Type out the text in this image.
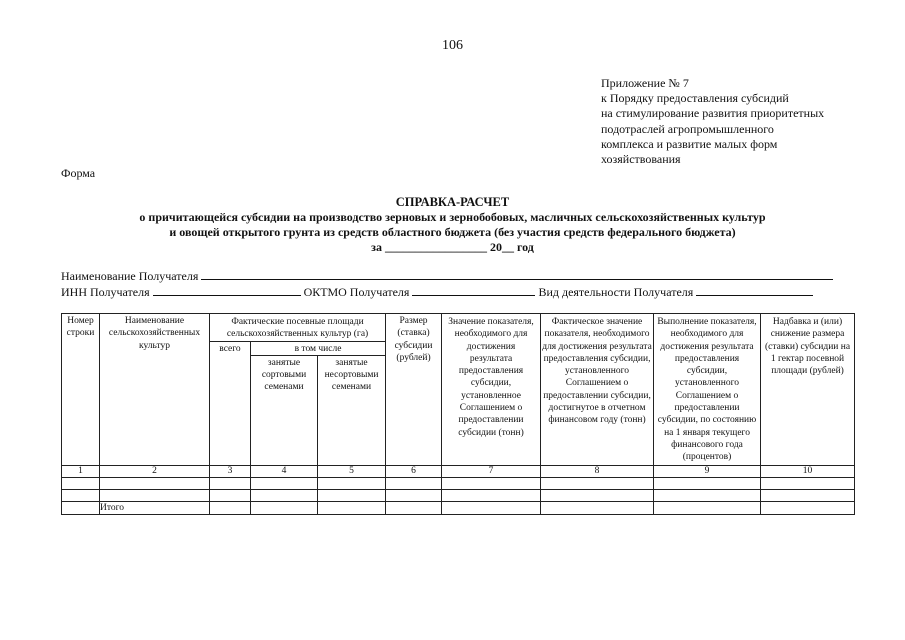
106
Приложение № 7
к Порядку предоставления субсидий
на стимулирование развития приоритетных
подотраслей агропромышленного
комплекса и развитие малых форм
хозяйствования
Форма
СПРАВКА-РАСЧЕТ
о причитающейся субсидии на производство зерновых и зернобобовых, масличных сельскохозяйственных культур
и овощей открытого грунта из средств областного бюджета (без участия средств федерального бюджета)
за _________________ 20__ год
Наименование Получателя
ИНН Получателя	ОКТМО Получателя	Вид деятельности Получателя
Номер строки	Наименование сельскохозяйственных культур	Фактические посевные площади сельскохозяйственных культур (га)			Размер (ставка) субсидии (рублей)	Значение показателя, необходимого для достижения результата предоставления субсидии, установленное Соглашением о предоставлении субсидии (тонн)	Фактическое значение показателя, необходимого для достижения результата предоставления субсидии, установленного Соглашением о предоставлении субсидии, достигнутое в отчетном финансовом году (тонн)	Выполнение показателя, необходимого для достижения результата предоставления субсидии, установленного Соглашением о предоставлении субсидии, по состоянию на 1 января текущего финансового года (процентов)	Надбавка и (или) снижение размера (ставки) субсидии на 1 гектар посевной площади (рублей)
		всего	в том числе						
			занятые сортовыми семенами	занятые несортовыми семенами					
1	2	3	4	5	6	7	8	9	10

	Итого								
